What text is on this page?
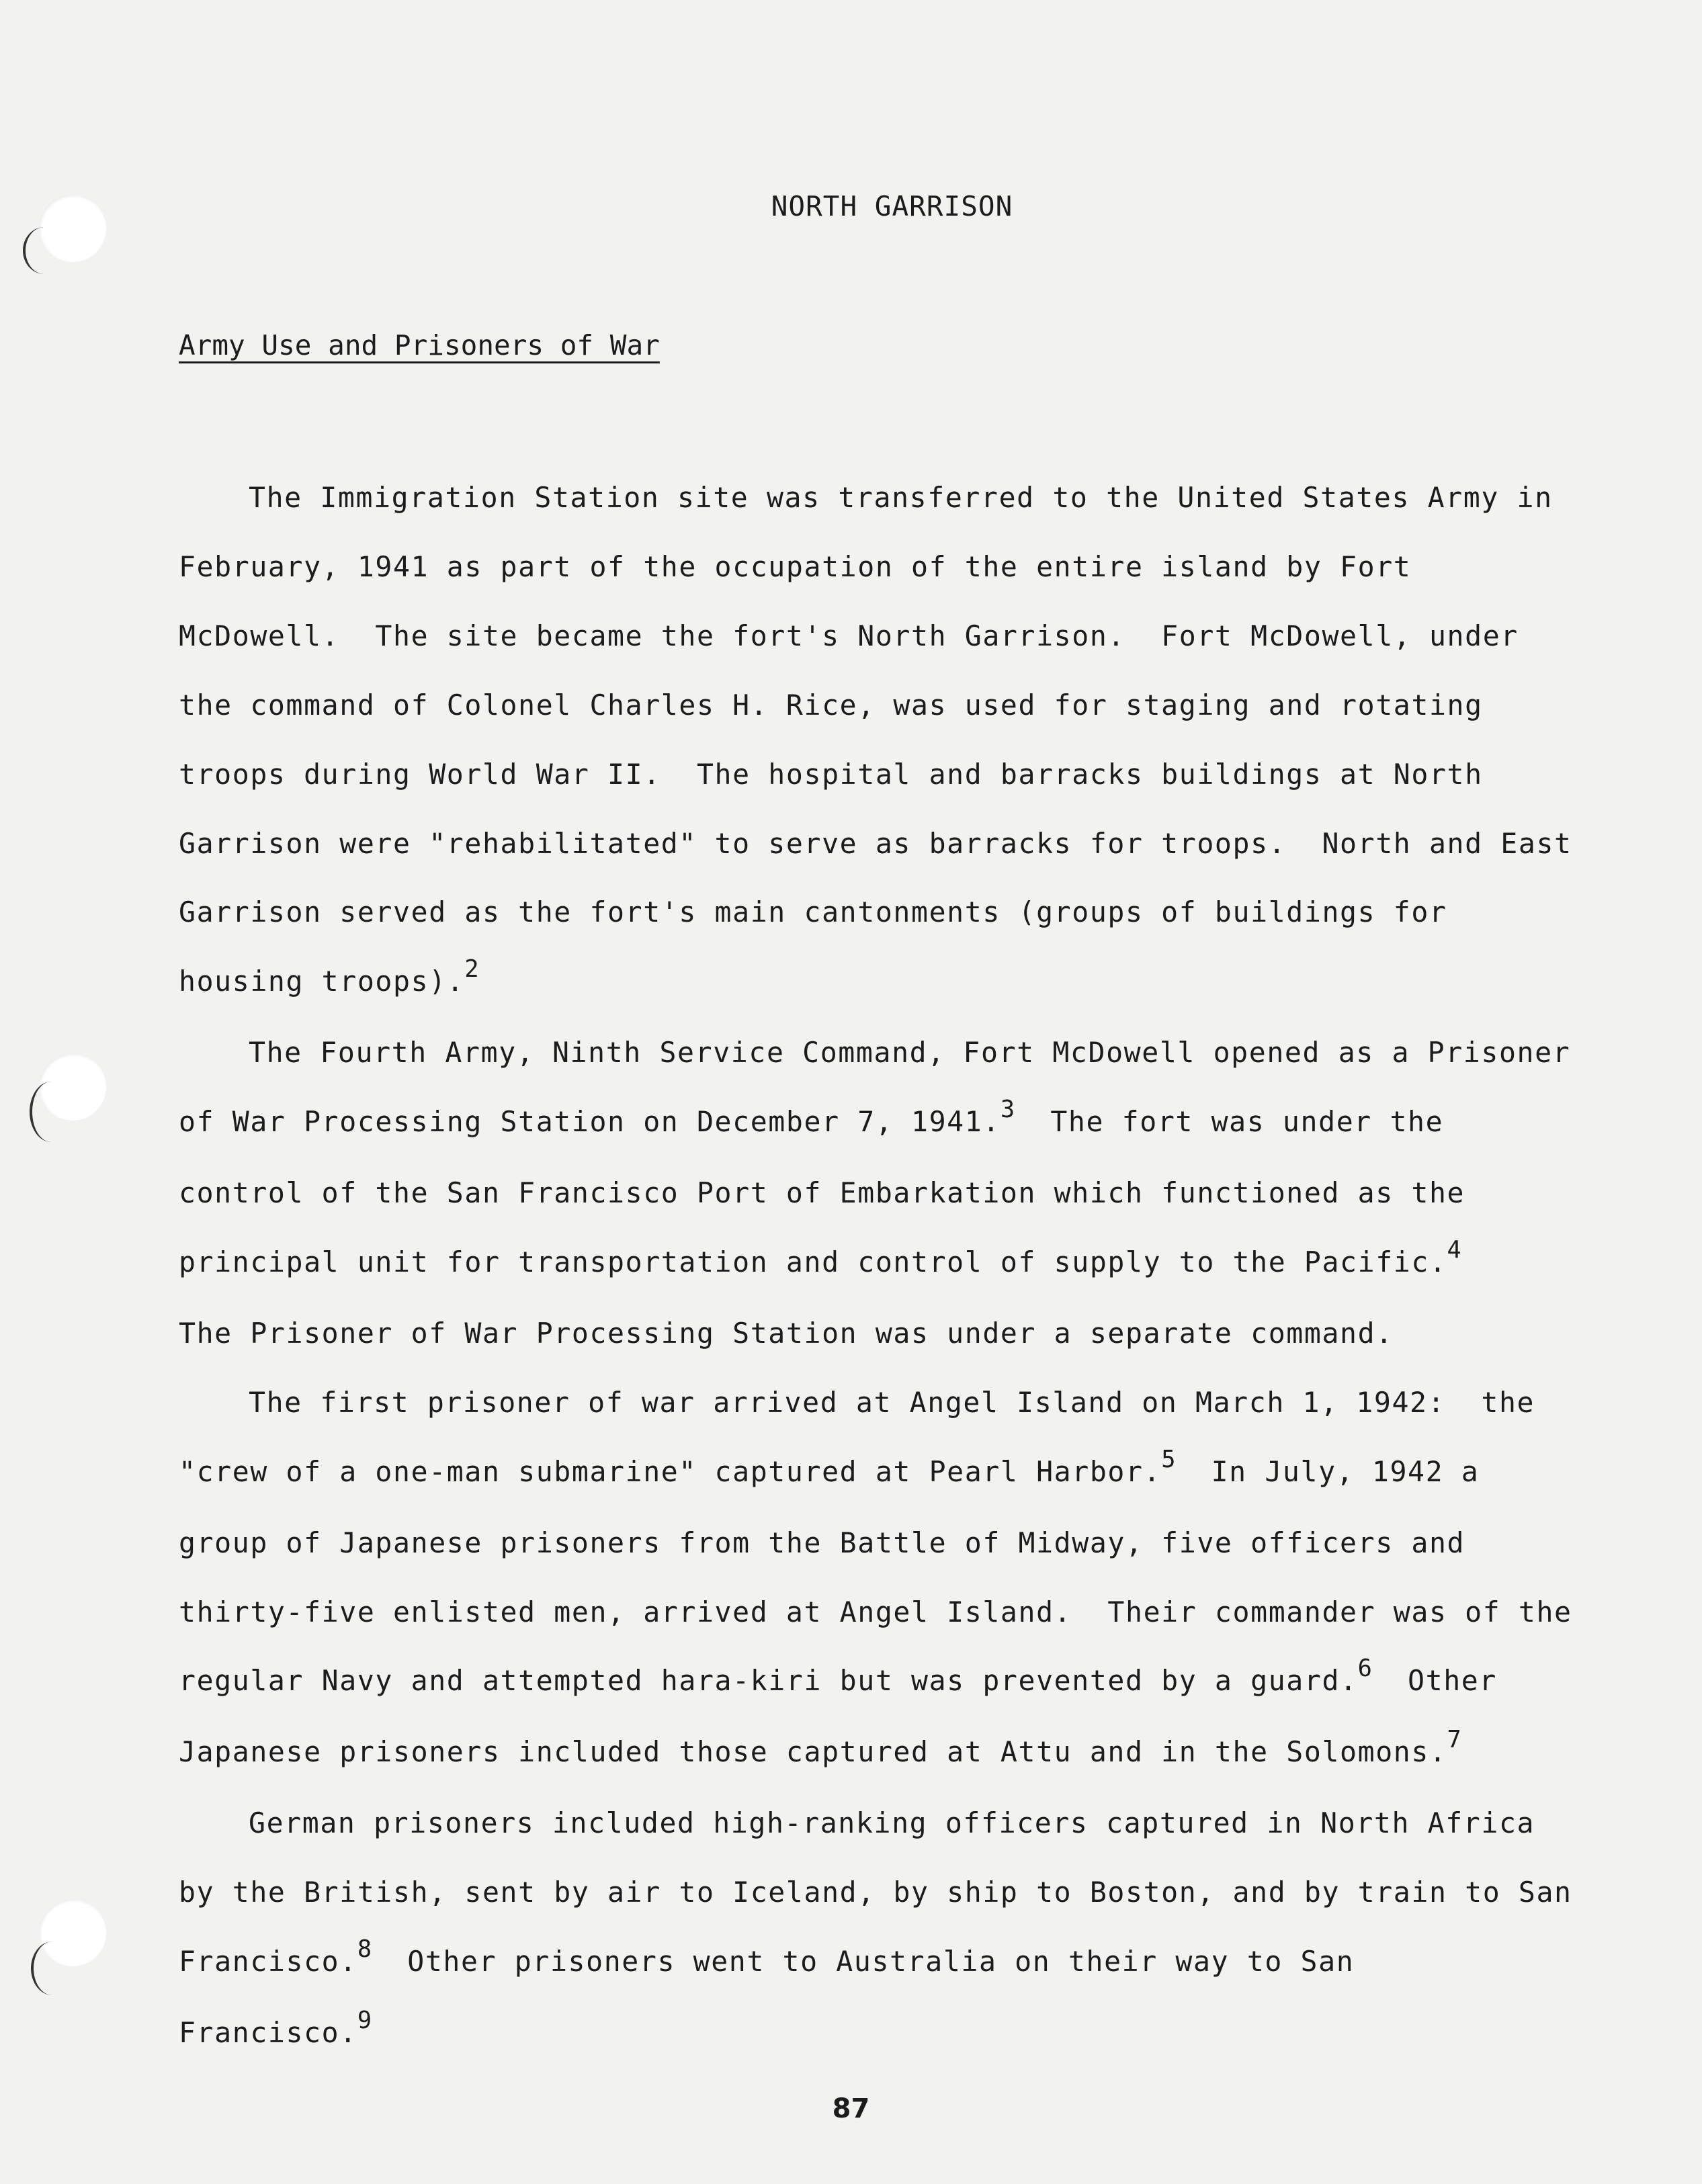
NORTH GARRISON
Army Use and Prisoners of War
The Immigration Station site was transferred to the United States Army in
February, 1941 as part of the occupation of the entire island by Fort
McDowell.  The site became the fort's North Garrison.  Fort McDowell, under
the command of Colonel Charles H. Rice, was used for staging and rotating
troops during World War II.  The hospital and barracks buildings at North
Garrison were "rehabilitated" to serve as barracks for troops.  North and East
Garrison served as the fort's main cantonments (groups of buildings for
housing troops).$^2$
The Fourth Army, Ninth Service Command, Fort McDowell opened as a Prisoner
of War Processing Station on December 7, 1941.$^3$  The fort was under the
control of the San Francisco Port of Embarkation which functioned as the
principal unit for transportation and control of supply to the Pacific.$^4$
The Prisoner of War Processing Station was under a separate command.
The first prisoner of war arrived at Angel Island on March 1, 1942:  the
"crew of a one-man submarine" captured at Pearl Harbor.$^5$  In July, 1942 a
group of Japanese prisoners from the Battle of Midway, five officers and
thirty-five enlisted men, arrived at Angel Island.  Their commander was of the
regular Navy and attempted hara-kiri but was prevented by a guard.$^6$  Other
Japanese prisoners included those captured at Attu and in the Solomons.$^7$
German prisoners included high-ranking officers captured in North Africa
by the British, sent by air to Iceland, by ship to Boston, and by train to San
Francisco.$^8$  Other prisoners went to Australia on their way to San
Francisco.$^9$
87
